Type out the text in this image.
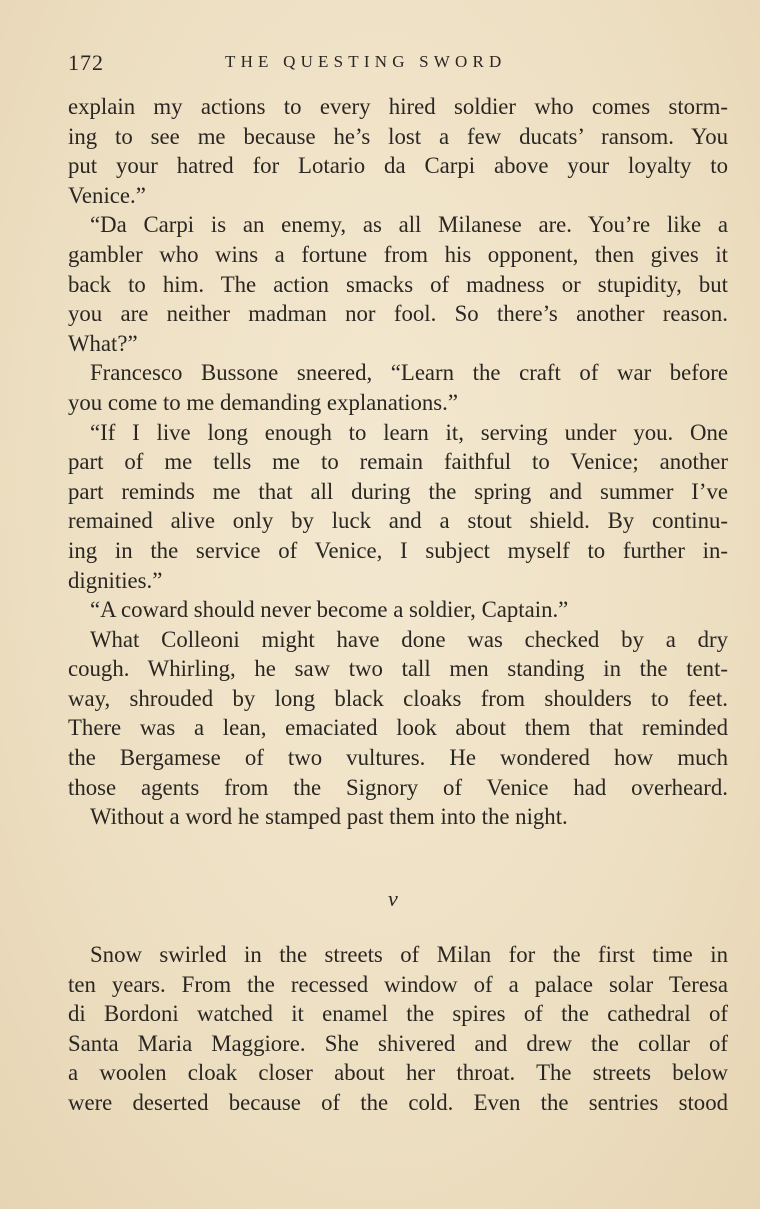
172	THE QUESTING SWORD
explain my actions to every hired soldier who comes storm-
ing to see me because he’s lost a few ducats’ ransom. You
put your hatred for Lotario da Carpi above your loyalty to
Venice.”
“Da Carpi is an enemy, as all Milanese are. You’re like a
gambler who wins a fortune from his opponent, then gives it
back to him. The action smacks of madness or stupidity, but
you are neither madman nor fool. So there’s another reason.
What?”
Francesco Bussone sneered, “Learn the craft of war before
you come to me demanding explanations.”
“If I live long enough to learn it, serving under you. One
part of me tells me to remain faithful to Venice; another
part reminds me that all during the spring and summer I’ve
remained alive only by luck and a stout shield. By continu-
ing in the service of Venice, I subject myself to further in-
dignities.”
“A coward should never become a soldier, Captain.”
What Colleoni might have done was checked by a dry
cough. Whirling, he saw two tall men standing in the tent-
way, shrouded by long black cloaks from shoulders to feet.
There was a lean, emaciated look about them that reminded
the Bergamese of two vultures. He wondered how much
those agents from the Signory of Venice had overheard.
Without a word he stamped past them into the night.
v
Snow swirled in the streets of Milan for the first time in
ten years. From the recessed window of a palace solar Teresa
di Bordoni watched it enamel the spires of the cathedral of
Santa Maria Maggiore. She shivered and drew the collar of
a woolen cloak closer about her throat. The streets below
were deserted because of the cold. Even the sentries stood
